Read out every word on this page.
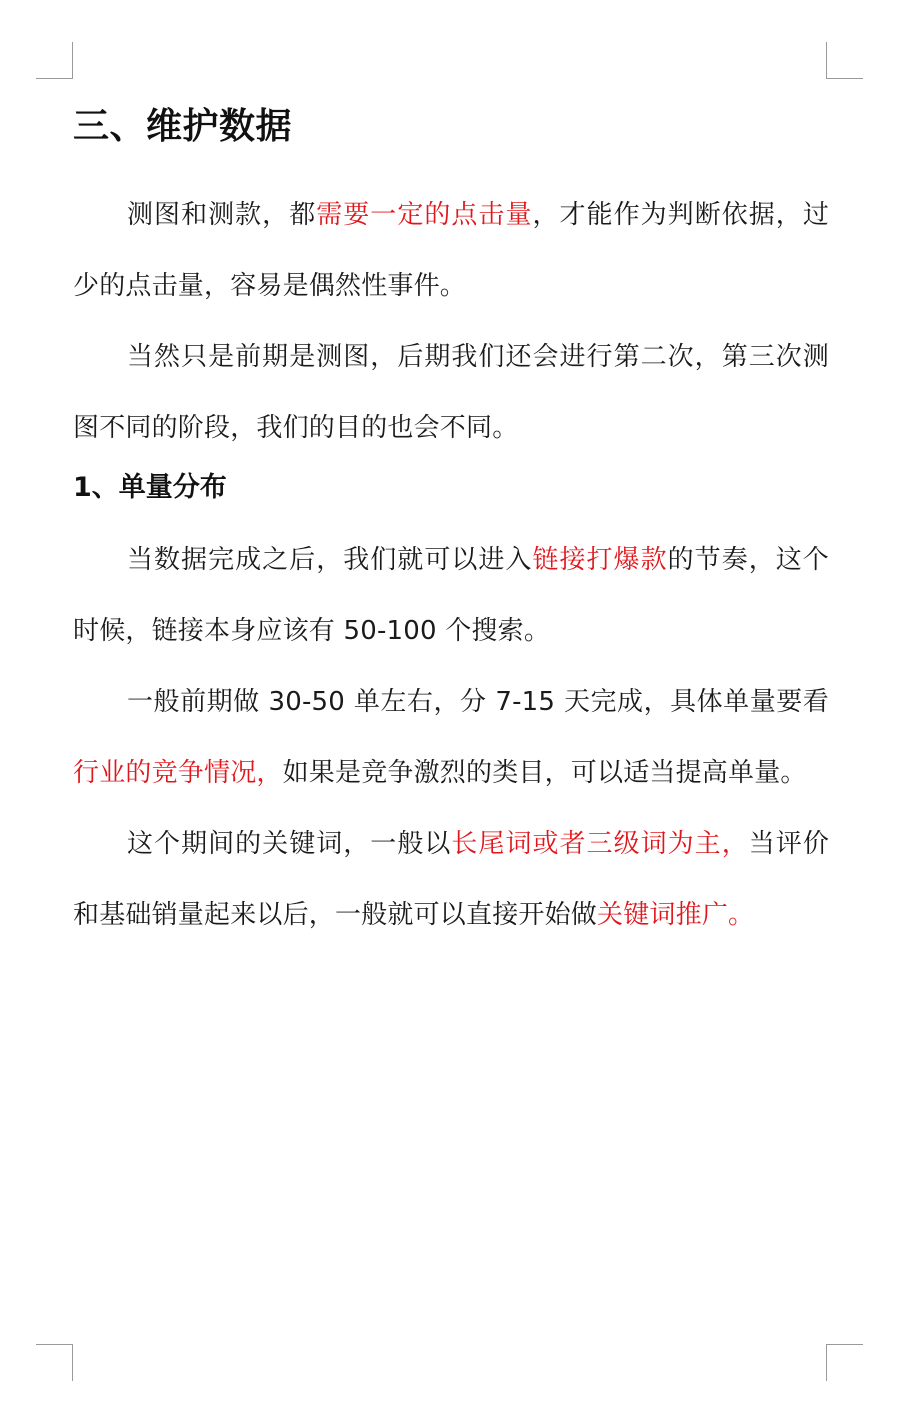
三、维护数据

测图和测款，都需要一定的点击量，才能作为判断依据，过少的点击量，容易是偶然性事件。

当然只是前期是测图，后期我们还会进行第二次，第三次测图不同的阶段，我们的目的也会不同。

1、单量分布

当数据完成之后，我们就可以进入链接打爆款的节奏，这个时候，链接本身应该有 50-100 个搜索。

一般前期做 30-50 单左右，分 7-15 天完成，具体单量要看行业的竞争情况，如果是竞争激烈的类目，可以适当提高单量。

这个期间的关键词，一般以长尾词或者三级词为主，当评价和基础销量起来以后，一般就可以直接开始做关键词推广。
